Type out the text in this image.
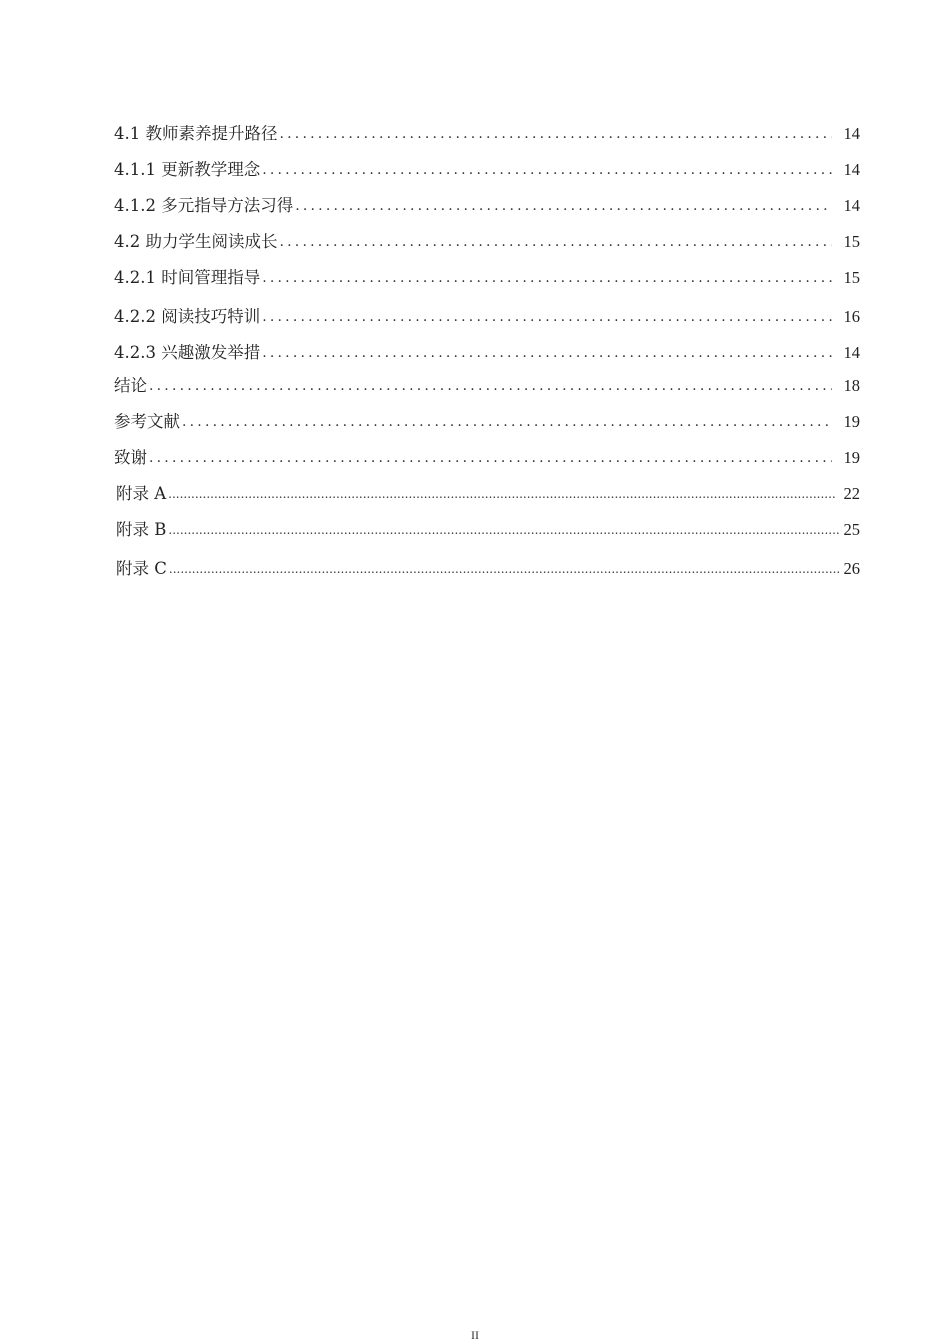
4.1 教师素养提升路径 .....	14
4.1.1 更新教学理念 .....	14
4.1.2 多元指导方法习得 .....	14
4.2 助力学生阅读成长 .....	15
4.2.1 时间管理指导 .....	15
4.2.2 阅读技巧特训 .....	16
4.2.3 兴趣激发举措 .....	14
结论 .....	18
参考文献 .....	19
致谢 .....	19
附录 A .....	22
附录 B .....	25
附录 C .....	26
II
